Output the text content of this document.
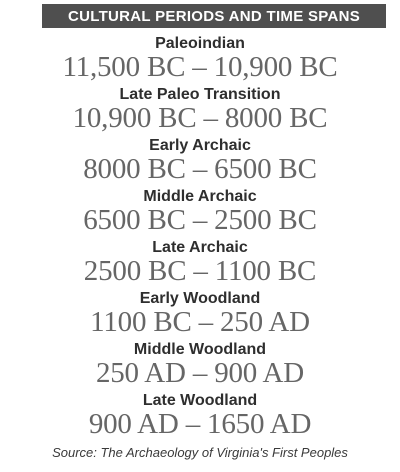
CULTURAL PERIODS AND TIME SPANS
Paleoindian
11,500 BC – 10,900 BC
Late Paleo Transition
10,900 BC – 8000 BC
Early Archaic
8000 BC – 6500 BC
Middle Archaic
6500 BC – 2500 BC
Late Archaic
2500 BC – 1100 BC
Early Woodland
1100 BC – 250 AD
Middle Woodland
250 AD – 900 AD
Late Woodland
900 AD – 1650 AD
Source: The Archaeology of Virginia's First Peoples
